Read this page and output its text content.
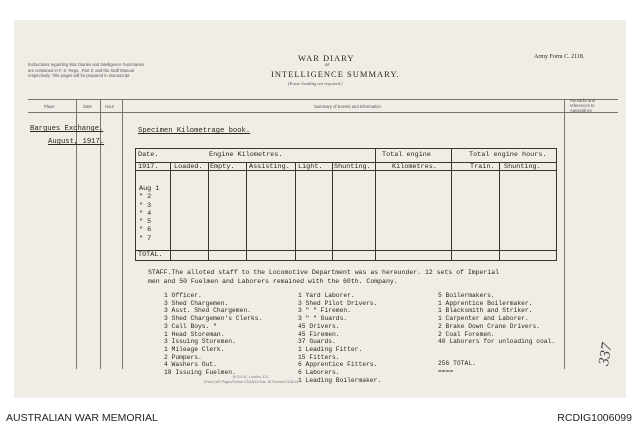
Instructions regarding War Diaries and Intelligence Summaries are contained in F. S. Regs., Part II. and the Staff Manual respectively. Title pages will be prepared in manuscript.
WAR DIARY
or
INTELLIGENCE SUMMARY.
(Erase heading not required.)
Army Form C. 2118.
Place	Date	Hour	Summary of Events and Information
Remarks and
references to
Appendices
Bargues Exchange.
August, 1917.
Specimen Kilometrage book.
Date.	Engine Kilometres.	Total engine	Total engine hours.
1917. Loaded. Empty. Assisting. Light. Shunting.	Kilometres.	Train. Shunting.
Aug 1
" 2
" 3
" 4
" 5
" 6
" 7
TOTAL.
STAFF.The alloted staff to the Locomotive Department was as hereunder. 12 sets of Imperial
men and 50 Fuelmen and Laborers remained with the 60th. Company.
1 Officer.
3 Shed Chargemen.
3 Asst. Shed Chargemen.
3 Shed Chargemen's Clerks.
3 Call Boys. "
1 Head Storeman.
3 Issuing Storemen.
1 Mileage Clerk.
2 Pumpers.
4 Washers Out.
18 Issuing Fuelmen.
1 Yard Laborer.
3 Shed Pilot Drivers.
3 " " Firemen.
3 " " Guards.
45 Drivers.
45 Firemen.
37 Guards.
1 Leading Fitter.
15 Fitters.
6 Apprentice Fitters.
6 Laborers.
1 Leading Boilermaker.
5 Boilermakers.
1 Apprentice Boilermaker.
1 Blacksmith and Striker.
1 Carpenter and Laborer.
2 Brake Down Crane Drivers.
2 Coal Foremen.
40 Laborers for unloading coal.
256 TOTAL.
====
W.O.S.S., London, E.C.
(Form) W3 Pages/Forms C2118/14 Bds. 48 Forms/C2118/14
337
AUSTRALIAN WAR MEMORIAL	RCDIG1006099
